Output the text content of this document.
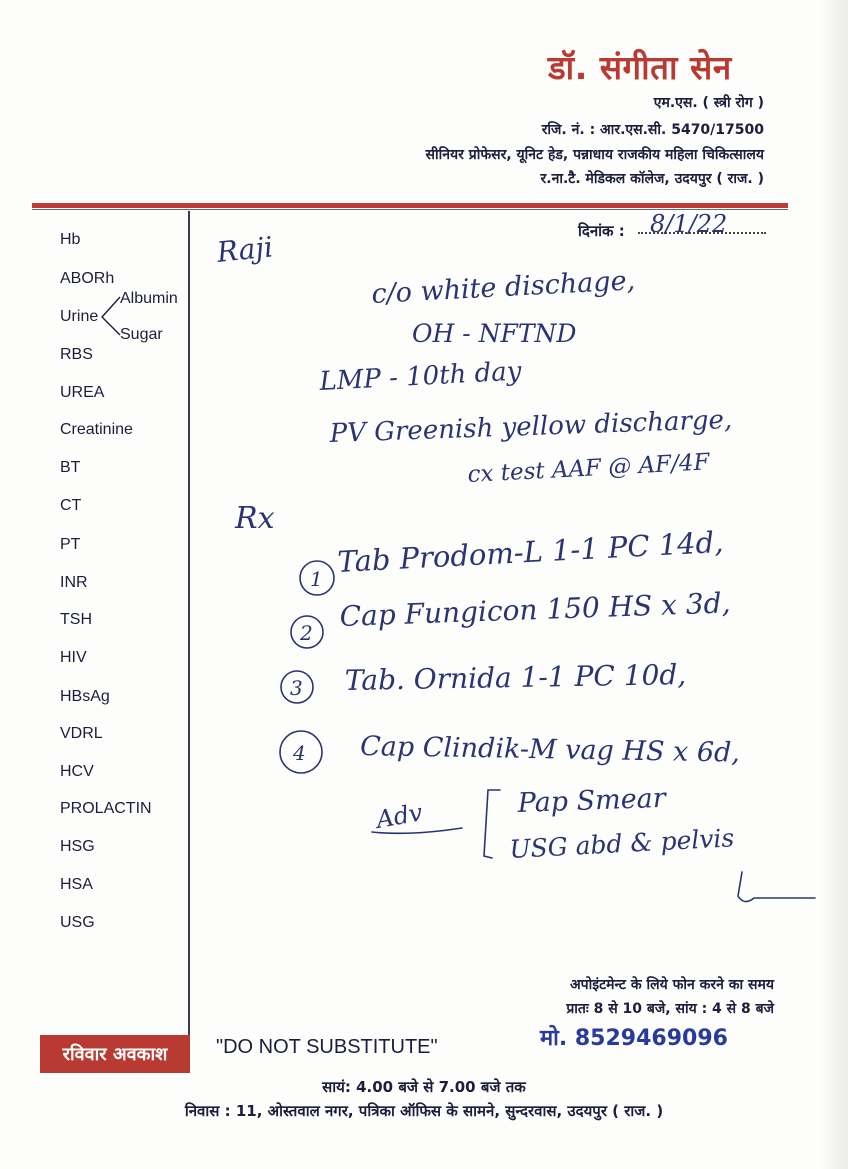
डॉ. संगीता सेन
एम.एस. ( स्त्री रोग )
रजि. नं. : आर.एस.सी. 5470/17500
सीनियर प्रोफेसर, यूनिट हेड, पन्नाधाय राजकीय महिला चिकित्सालय
र.ना.टै. मेडिकल कॉलेज, उदयपुर ( राज. )
दिनांक :
Hb
ABORh
Urine
Albumin
Sugar
RBS
UREA
Creatinine
BT
CT
PT
INR
TSH
HIV
HBsAg
VDRL
HCV
PROLACTIN
HSG
HSA
USG
8/1/22
Raji
c/o white dischage,
OH - NFTND
LMP - 10th day
PV Greenish yellow discharge,
cx test AAF @ AF/4F
Rx
1
Tab Prodom-L 1-1 PC 14d,
2
Cap Fungicon 150 HS x 3d,
3 Tab. Ornida 1-1 PC 10d,
4 Cap Clindik-M vag HS x 6d,
Adv	Pap Smear
USG abd & pelvis
अपोइंटमेन्ट के लिये फोन करने का समय
प्रातः 8 से 10 बजे, सांय : 4 से 8 बजे
मो. 8529469096
रविवार अवकाश	"DO NOT SUBSTITUTE"
सायं: 4.00 बजे से 7.00 बजे तक
निवास : 11, ओस्तवाल नगर, पत्रिका ऑफिस के सामने, सुन्दरवास, उदयपुर ( राज. )
